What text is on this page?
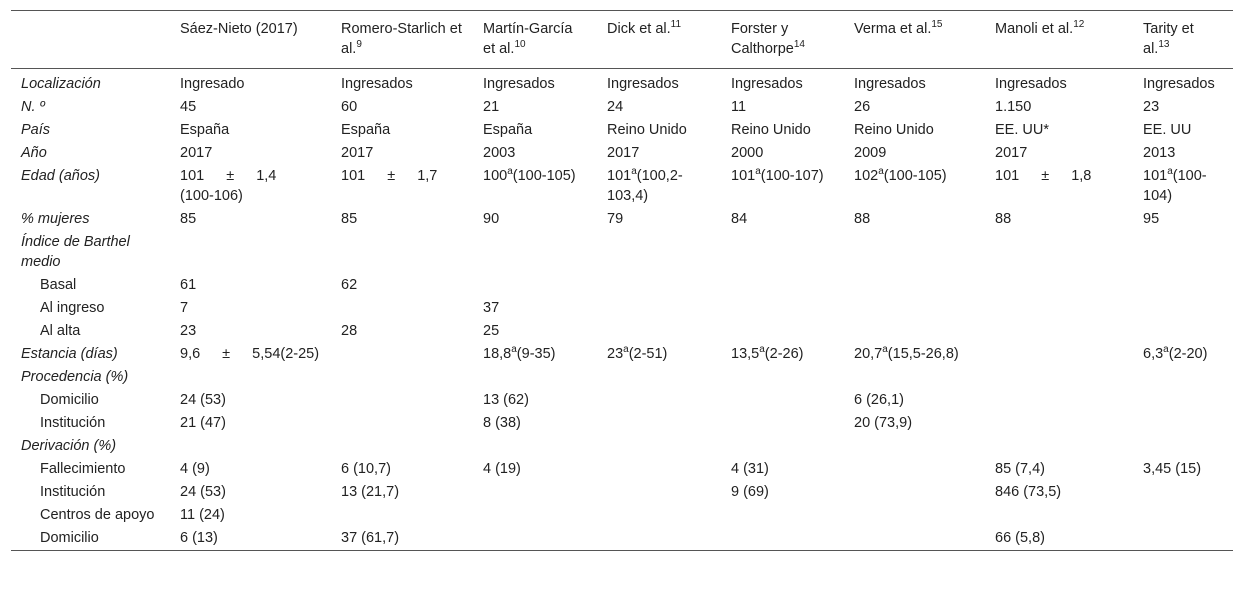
	Sáez-Nieto (2017)	Romero-Starlich et al.$^9$	Martín-García et al.$^{10}$	Dick et al.$^{11}$	Forster y Calthorpe$^{14}$	Verma et al.$^{15}$	Manoli et al.$^{12}$	Tarity et al.$^{13}$
Localización	Ingresado	Ingresados	Ingresados	Ingresados	Ingresados	Ingresados	Ingresados	Ingresados
N. º	45	60	21	24	11	26	1.150	23
País	España	España	España	Reino Unido	Reino Unido	Reino Unido	EE. UU*	EE. UU
Año	2017	2017	2003	2017	2000	2009	2017	2013
Edad (años)	101 ± 1,4 (100-106)	101 ± 1,7	100$^a$(100-105)	101$^a$(100,2-103,4)	101$^a$(100-107)	102$^a$(100-105)	101 ± 1,8	101$^a$(100-104)
% mujeres	85	85	90	79	84	88	88	95
Índice de Barthel medio								
Basal	61	62						
Al ingreso	7		37					
Al alta	23	28	25					
Estancia (días)	9,6 ± 5,54(2-25)		18,8$^a$(9-35)	23$^a$(2-51)	13,5$^a$(2-26)	20,7$^a$(15,5-26,8)		6,3$^a$(2-20)
Procedencia (%)								
Domicilio	24 (53)		13 (62)			6 (26,1)		
Institución	21 (47)		8 (38)			20 (73,9)		
Derivación (%)								
Fallecimiento	4 (9)	6 (10,7)	4 (19)		4 (31)		85 (7,4)	3,45 (15)
Institución	24 (53)	13 (21,7)			9 (69)		846 (73,5)	
Centros de apoyo	11 (24)							
Domicilio	6 (13)	37 (61,7)					66 (5,8)	
